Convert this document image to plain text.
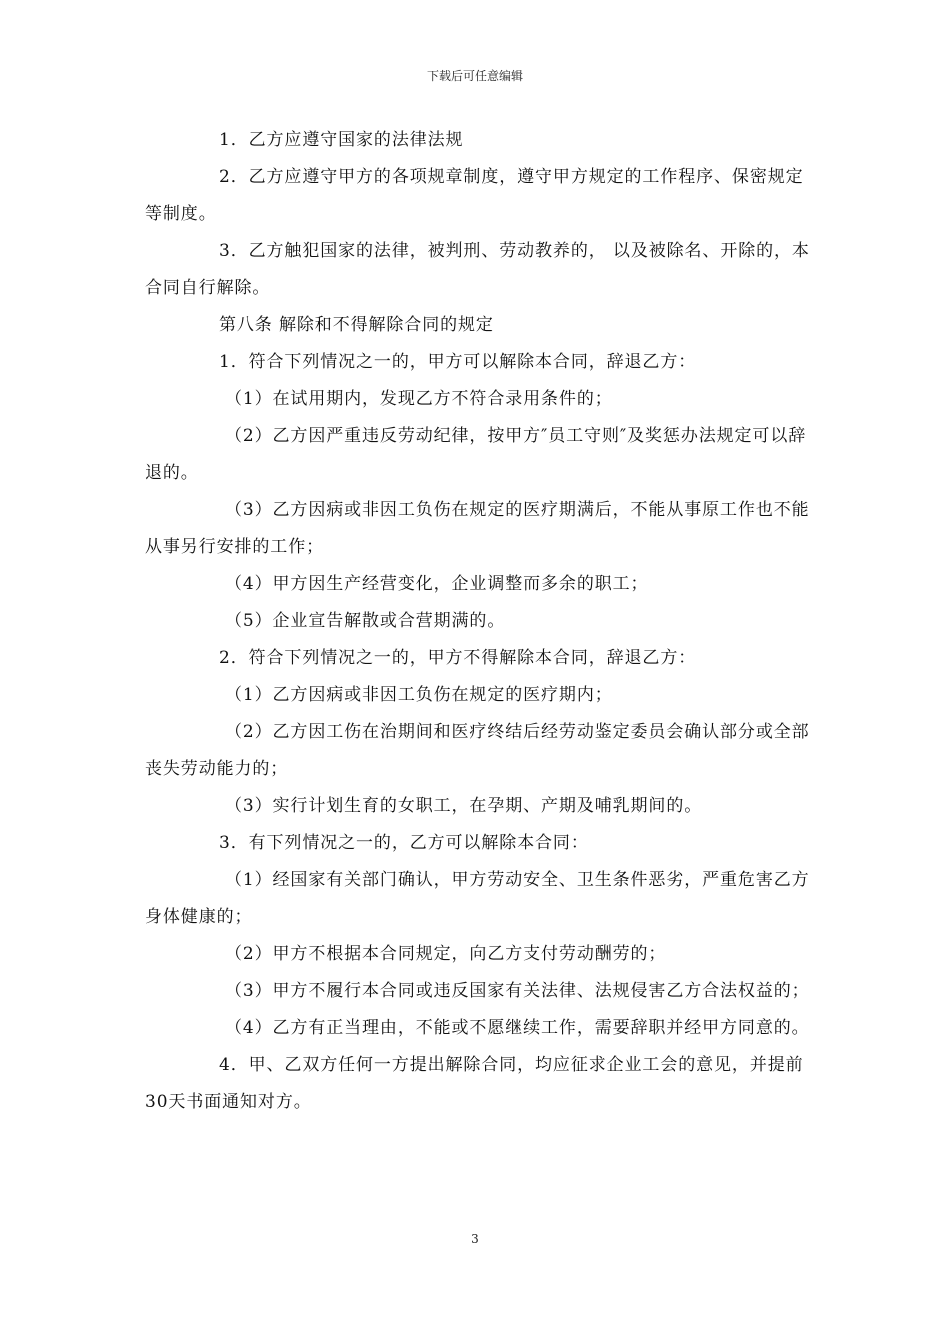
下载后可任意编辑

1．乙方应遵守国家的法律法规

2．乙方应遵守甲方的各项规章制度，遵守甲方规定的工作程序、保密规定等制度。

3．乙方触犯国家的法律，被判刑、劳动教养的， 以及被除名、开除的，本合同自行解除。

第八条 解除和不得解除合同的规定

1．符合下列情况之一的，甲方可以解除本合同，辞退乙方：

（1）在试用期内，发现乙方不符合录用条件的；

（2）乙方因严重违反劳动纪律，按甲方″员工守则″及奖惩办法规定可以辞退的。

（3）乙方因病或非因工负伤在规定的医疗期满后，不能从事原工作也不能从事另行安排的工作；

（4）甲方因生产经营变化，企业调整而多余的职工；

（5）企业宣告解散或合营期满的。

2．符合下列情况之一的，甲方不得解除本合同，辞退乙方：

（1）乙方因病或非因工负伤在规定的医疗期内；

（2）乙方因工伤在治期间和医疗终结后经劳动鉴定委员会确认部分或全部丧失劳动能力的；

（3）实行计划生育的女职工，在孕期、产期及哺乳期间的。

3．有下列情况之一的，乙方可以解除本合同：

（1）经国家有关部门确认，甲方劳动安全、卫生条件恶劣，严重危害乙方身体健康的；

（2）甲方不根据本合同规定，向乙方支付劳动酬劳的；

（3）甲方不履行本合同或违反国家有关法律、法规侵害乙方合法权益的；

（4）乙方有正当理由，不能或不愿继续工作，需要辞职并经甲方同意的。

4．甲、乙双方任何一方提出解除合同，均应征求企业工会的意见，并提前30天书面通知对方。

3
